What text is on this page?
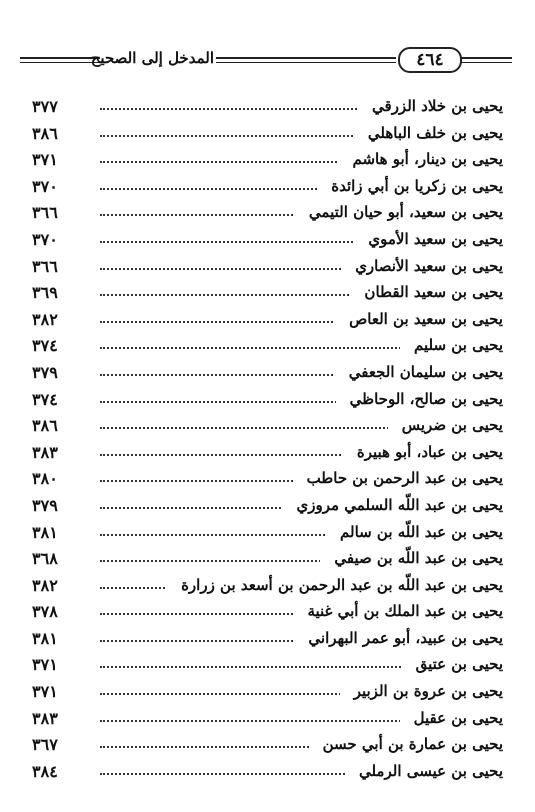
المدخل إلى الصحيح	٤٦٤
٣٧٧	يحيى بن خلاد الزرقي
٣٨٦	يحيى بن خلف الباهلي
٣٧١	يحيى بن دينار، أبو هاشم
٣٧٠	يحيى بن زكريا بن أبي زائدة
٣٦٦	يحيى بن سعيد، أبو حيان التيمي
٣٧٠	يحيى بن سعيد الأموي
٣٦٦	يحيى بن سعيد الأنصاري
٣٦٩	يحيى بن سعيد القطان
٣٨٢	يحيى بن سعيد بن العاص
٣٧٤	يحيى بن سليم
٣٧٩	يحيى بن سليمان الجعفي
٣٧٤	يحيى بن صالح، الوحاظي
٣٨٦	يحيى بن ضريس
٣٨٣	يحيى بن عباد، أبو هبيرة
٣٨٠	يحيى بن عبد الرحمن بن حاطب
٣٧٩	يحيى بن عبد اللّه السلمي مروزي
٣٨١	يحيى بن عبد اللّه بن سالم
٣٦٨	يحيى بن عبد اللّه بن صيفي
٣٨٢	يحيى بن عبد اللّه بن عبد الرحمن بن أسعد بن زرارة
٣٧٨	يحيى بن عبد الملك بن أبي غنية
٣٨١	يحيى بن عبيد، أبو عمر البهراني
٣٧١	يحيى بن عتيق
٣٧١	يحيى بن عروة بن الزبير
٣٨٣	يحيى بن عقيل
٣٦٧	يحيى بن عمارة بن أبي حسن
٣٨٤	يحيى بن عيسى الرملي
